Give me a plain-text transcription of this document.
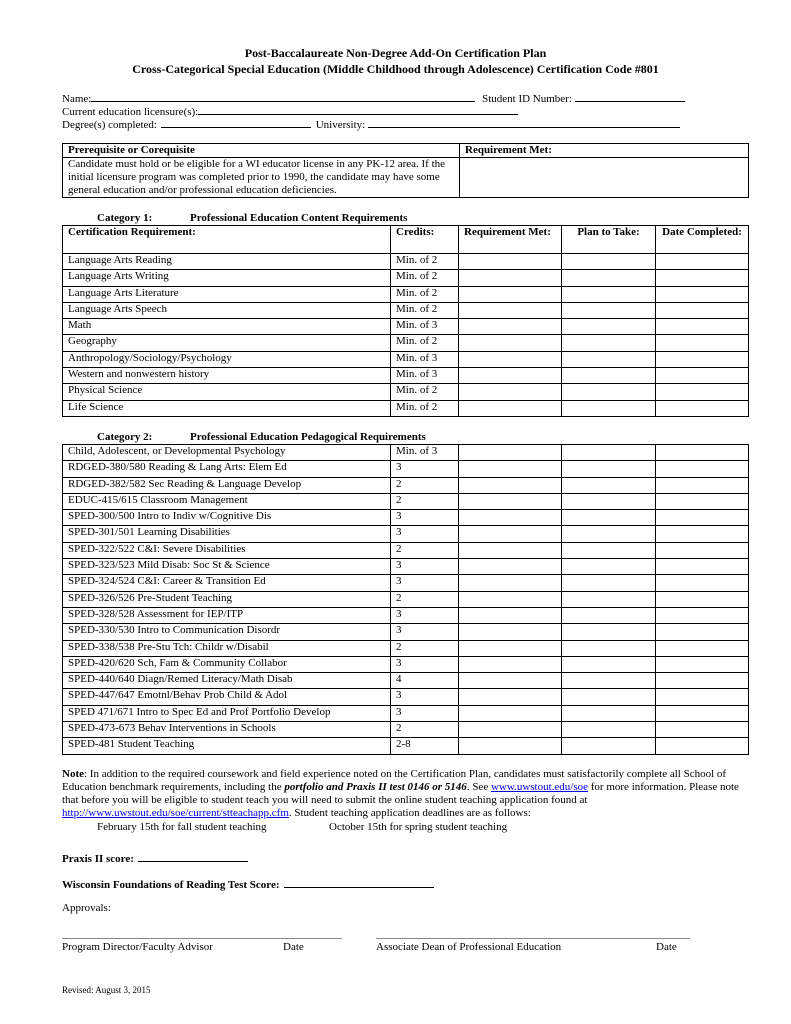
Post-Baccalaureate Non-Degree Add-On Certification Plan
Cross-Categorical Special Education (Middle Childhood through Adolescence) Certification Code #801
Name:	Student ID Number:
Current education licensure(s):
Degree(s) completed:	University:
Prerequisite or Corequisite	Requirement Met:
Candidate must hold or be eligible for a WI educator license in any PK-12 area. If the initial licensure program was completed prior to 1990, the candidate may have some general education and/or professional education deficiencies.	
Category 1:	Professional Education Content Requirements
Certification Requirement:	Credits:	Requirement Met:	Plan to Take:	Date Completed:
Language Arts Reading	Min. of 2			
Language Arts Writing	Min. of 2			
Language Arts Literature	Min. of 2			
Language Arts Speech	Min. of 2			
Math	Min. of 3			
Geography	Min. of 2			
Anthropology/Sociology/Psychology	Min. of 3			
Western and nonwestern history	Min. of 3			
Physical Science	Min. of 2			
Life Science	Min. of 2			
Category 2:	Professional Education Pedagogical Requirements
Child, Adolescent, or Developmental Psychology	Min. of 3			
RDGED-380/580 Reading & Lang Arts: Elem Ed	3			
RDGED-382/582 Sec Reading & Language Develop	2			
EDUC-415/615 Classroom Management	2			
SPED-300/500 Intro to Indiv w/Cognitive Dis	3			
SPED-301/501 Learning Disabilities	3			
SPED-322/522 C&I: Severe Disabilities	2			
SPED-323/523 Mild Disab: Soc St & Science	3			
SPED-324/524 C&I: Career & Transition Ed	3			
SPED-326/526 Pre-Student Teaching	2			
SPED-328/528 Assessment for IEP/ITP	3			
SPED-330/530 Intro to Communication Disordr	3			
SPED-338/538 Pre-Stu Tch: Childr w/Disabil	2			
SPED-420/620 Sch, Fam & Community Collabor	3			
SPED-440/640 Diagn/Remed Literacy/Math Disab	4			
SPED-447/647 Emotnl/Behav Prob Child & Adol	3			
SPED 471/671 Intro to Spec Ed and Prof Portfolio Develop	3			
SPED-473-673 Behav Interventions in Schools	2			
SPED-481 Student Teaching	2-8			

Note: In addition to the required coursework and field experience noted on the Certification Plan, candidates must satisfactorily complete all School of Education benchmark requirements, including the portfolio and Praxis II test 0146 or 5146. See www.uwstout.edu/soe for more information. Please note that before you will be eligible to student teach you will need to submit the online student teaching application found at http://www.uwstout.edu/soe/current/stteachapp.cfm. Student teaching application deadlines are as follows:

February 15th for fall student teaching	October 15th for spring student teaching
Praxis II score:
Wisconsin Foundations of Reading Test Score:
Approvals:
Program Director/Faculty Advisor	Date	Associate Dean of Professional Education	Date
Revised: August 3, 2015
